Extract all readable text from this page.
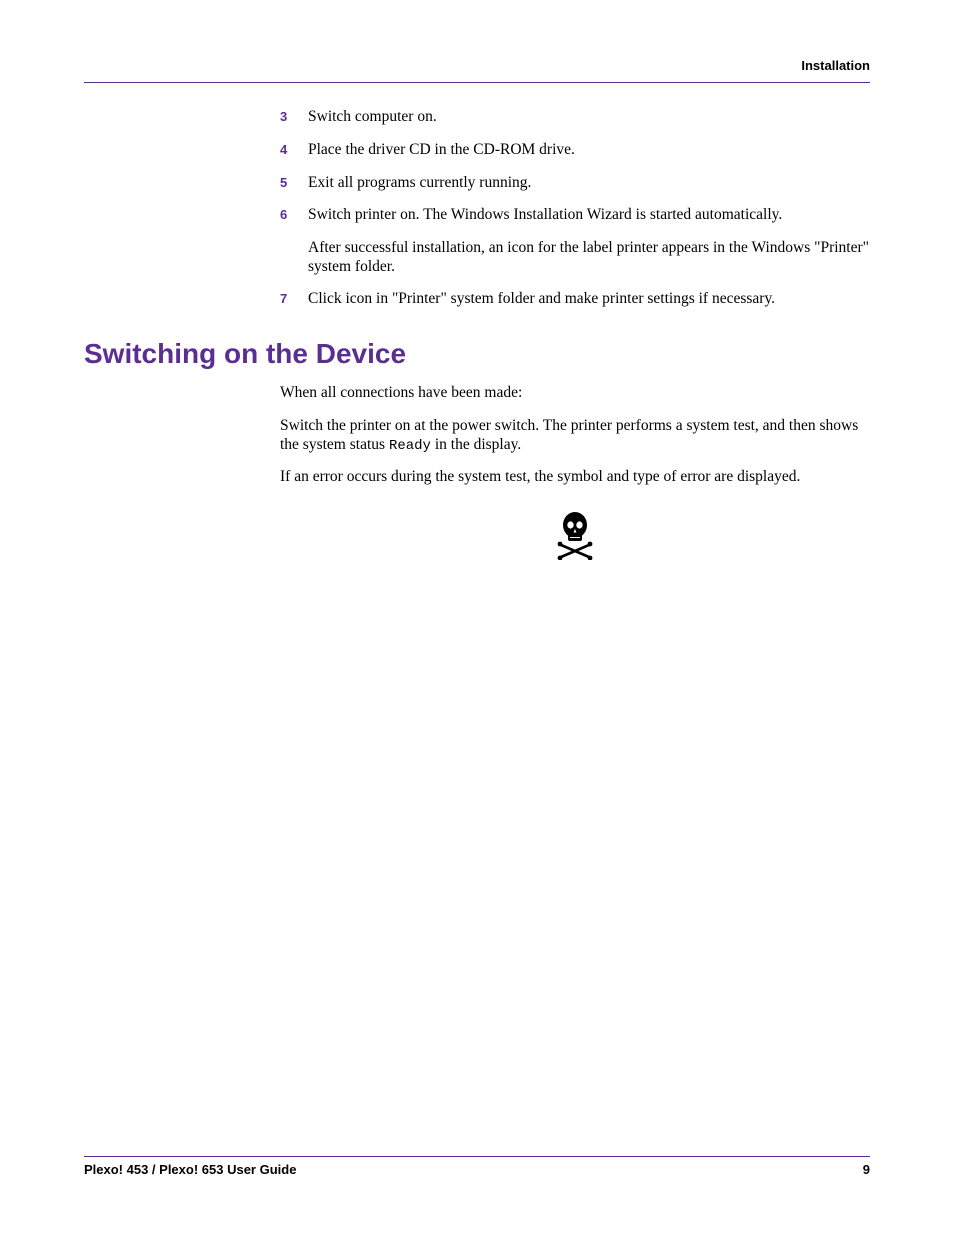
Installation
3	Switch computer on.
4	Place the driver CD in the CD-ROM drive.
5	Exit all programs currently running.
6	Switch printer on. The Windows Installation Wizard is started automatically.
After successful installation, an icon for the label printer appears in the Windows "Printer" system folder.
7	Click icon in "Printer" system folder and make printer settings if necessary.
Switching on the Device
When all connections have been made:
Switch the printer on at the power switch. The printer performs a system test, and then shows the system status Ready in the display.
If an error occurs during the system test, the symbol and type of error are displayed.
Plexo! 453 / Plexo! 653 User Guide	9
